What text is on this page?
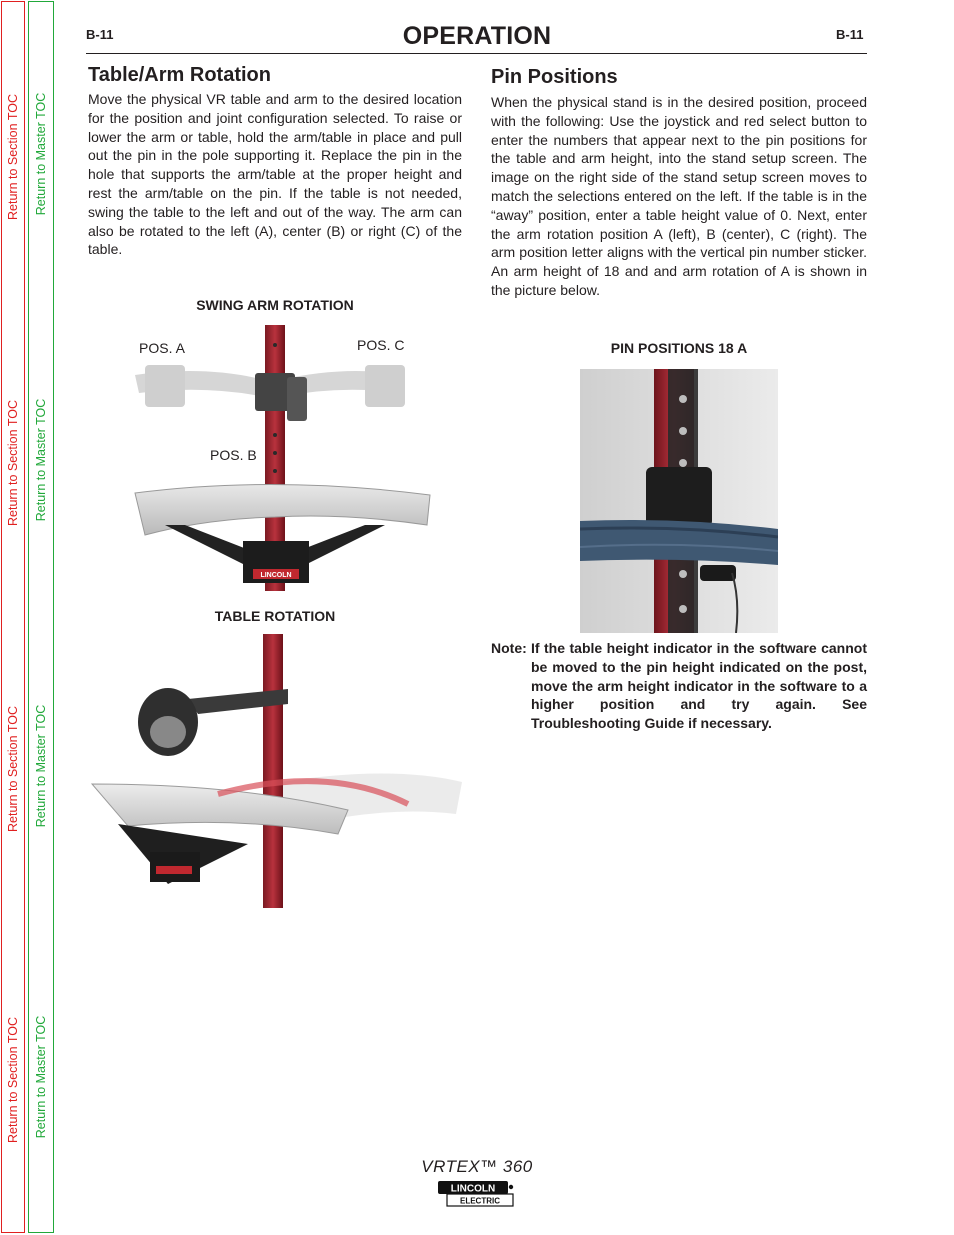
Return to Section TOC
Return to Section TOC
Return to Section TOC
Return to Section TOC
Return to Master TOC
Return to Master TOC
Return to Master TOC
Return to Master TOC
B-11	OPERATION	B-11
Table/Arm Rotation

Move the physical VR table and arm to the desired location for the position and joint configuration selected. To raise or lower the arm or table, hold the arm/table in place and pull out the pin in the pole supporting it. Replace the pin in the hole that supports the arm/table at the proper height and rest the arm/table on the pin. If the table is not needed, swing the table to the left and out of the way. The arm can also be rotated to the left (A), center (B) or right (C) of the table.

SWING ARM ROTATION
LINCOLN
POS. A	POS. C
POS. B
TABLE ROTATION
Pin Positions

When the physical stand is in the desired position, proceed with the following: Use the joystick and red select button to enter the numbers that appear next to the pin positions for the table and arm height, into the stand setup screen. The image on the right side of the stand setup screen moves to match the selections entered on the left. If the table is in the “away” position, enter a table height value of 0. Next, enter the arm rotation position A (left), B (center), C (right). The arm position letter aligns with the vertical pin number sticker. An arm height of 18 and and arm rotation of A is shown in the picture below.

PIN POSITIONS 18 A
Note: If the table height indicator in the software cannot be moved to the pin height indicated on the post, move the arm height indicator in the software to a higher position and try again. See Troubleshooting Guide if necessary.
VRTEX™ 360
LINCOLN
ELECTRIC
